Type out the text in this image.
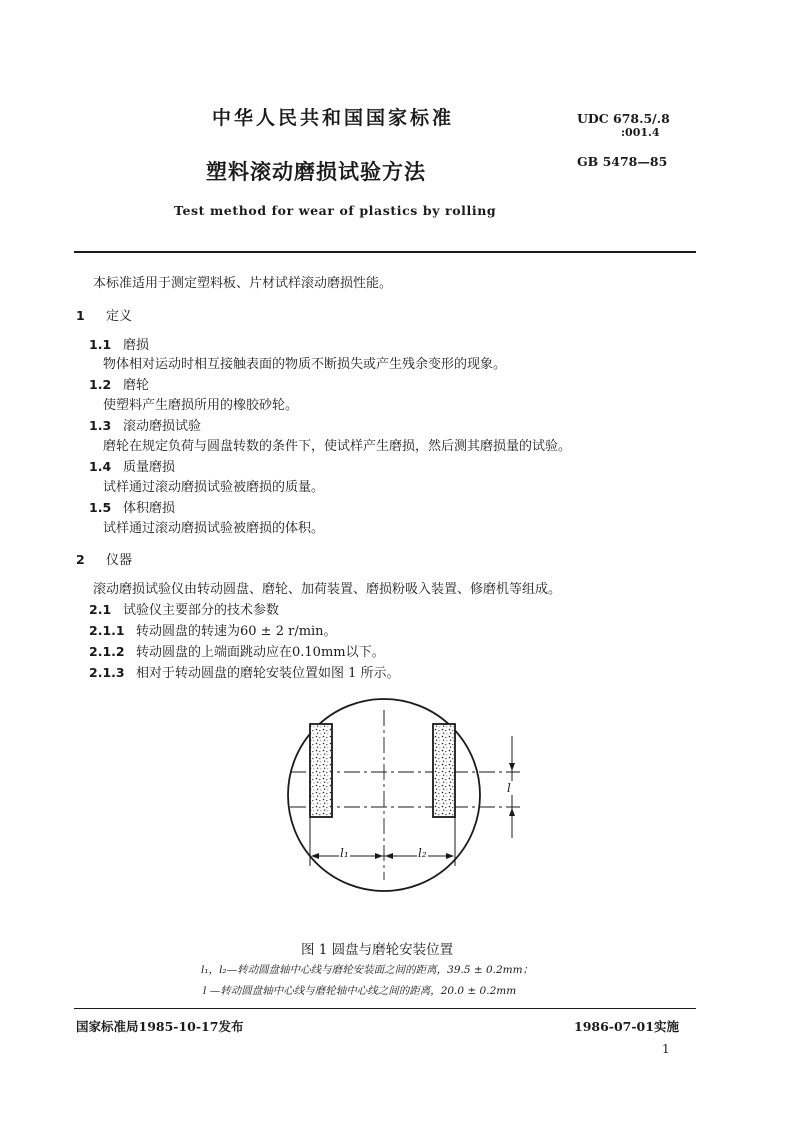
中华人民共和国国家标准
塑料滚动磨损试验方法
Test method for wear of plastics by rolling
UDC 678.5/.8
:001.4
GB 5478—85
本标准适用于测定塑料板、片材试样滚动磨损性能。
1 定义
1.1 磨损
物体相对运动时相互接触表面的物质不断损失或产生残余变形的现象。
1.2 磨轮
使塑料产生磨损所用的橡胶砂轮。
1.3 滚动磨损试验
磨轮在规定负荷与圆盘转数的条件下，使试样产生磨损，然后测其磨损量的试验。
1.4 质量磨损
试样通过滚动磨损试验被磨损的质量。
1.5 体积磨损
试样通过滚动磨损试验被磨损的体积。
2 仪器
滚动磨损试验仪由转动圆盘、磨轮、加荷装置、磨损粉吸入装置、修磨机等组成。
2.1 试验仪主要部分的技术参数
2.1.1 转动圆盘的转速为60 ± 2 r/min。
2.1.2 转动圆盘的上端面跳动应在0.10mm以下。
2.1.3 相对于转动圆盘的磨轮安装位置如图 1 所示。
l₁	l₂
l
图 1 圆盘与磨轮安装位置
l₁，l₂—转动圆盘轴中心线与磨轮安装面之间的距离，39.5 ± 0.2mm；
l —转动圆盘轴中心线与磨轮轴中心线之间的距离，20.0 ± 0.2mm
国家标准局1985-10-17发布	1986-07-01实施
1
